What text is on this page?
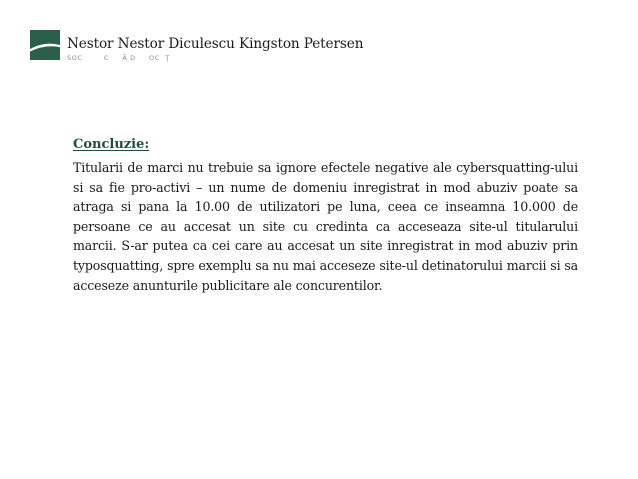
Nestor Nestor Diculescu Kingston Petersen
SOC        C     Ă D     OC  Ţ
Concluzie:
Titularii de marci nu trebuie sa ignore efectele negative ale cybersquatting-ului si sa fie pro-activi – un nume de domeniu inregistrat in mod abuziv poate sa atraga si pana la 10.00 de utilizatori pe luna, ceea ce inseamna 10.000 de persoane ce au accesat un site cu credinta ca acceseaza site-ul titularului marcii. S-ar putea ca cei care au accesat un site inregistrat in mod abuziv prin typosquatting, spre exemplu sa nu mai acceseze site-ul detinatorului marcii si sa acceseze anunturile publicitare ale concurentilor.
